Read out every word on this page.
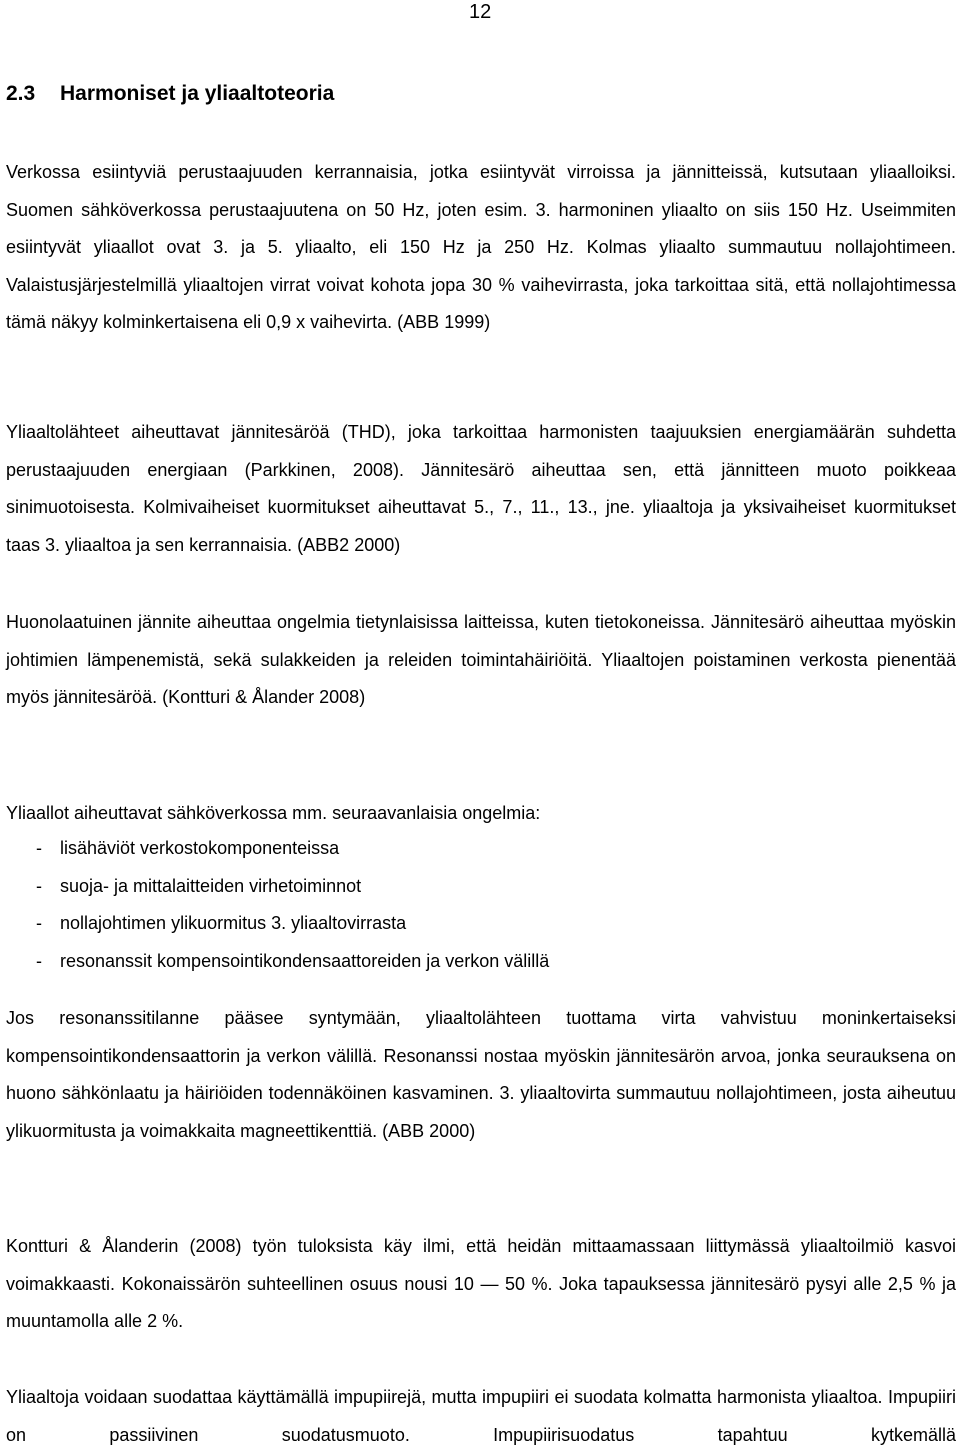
12
2.3 Harmoniset ja yliaaltoteoria

Verkossa esiintyviä perustaajuuden kerrannaisia, jotka esiintyvät virroissa ja jännitteissä, kutsutaan yliaalloiksi. Suomen sähköverkossa perustaajuutena on 50 Hz, joten esim. 3. harmoninen yliaalto on siis 150 Hz. Useimmiten esiintyvät yliaallot ovat 3. ja 5. yliaalto, eli 150 Hz ja 250 Hz. Kolmas yliaalto summautuu nollajohtimeen. Valaistusjärjestelmillä yliaaltojen virrat voivat kohota jopa 30 % vaihevirrasta, joka tarkoittaa sitä, että nollajohtimessa tämä näkyy kolminkertaisena eli 0,9 x vaihevirta. (ABB 1999)

Yliaaltolähteet aiheuttavat jännitesäröä (THD), joka tarkoittaa harmonisten taajuuksien energiamäärän suhdetta perustaajuuden energiaan (Parkkinen, 2008). Jännitesärö aiheuttaa sen, että jännitteen muoto poikkeaa sinimuotoisesta. Kolmivaiheiset kuormitukset aiheuttavat 5., 7., 11., 13., jne. yliaaltoja ja yksivaiheiset kuormitukset taas 3. yliaaltoa ja sen kerrannaisia. (ABB2 2000)

Huonolaatuinen jännite aiheuttaa ongelmia tietynlaisissa laitteissa, kuten tietokoneissa. Jännitesärö aiheuttaa myöskin johtimien lämpenemistä, sekä sulakkeiden ja releiden toimintahäiriöitä. Yliaaltojen poistaminen verkosta pienentää myös jännitesäröä. (Kontturi & Ålander 2008)

Yliaallot aiheuttavat sähköverkossa mm. seuraavanlaisia ongelmia:

- lisähäviöt verkostokomponenteissa
- suoja- ja mittalaitteiden virhetoiminnot
- nollajohtimen ylikuormitus 3. yliaaltovirrasta
- resonanssit kompensointikondensaattoreiden ja verkon välillä

Jos resonanssitilanne pääsee syntymään, yliaaltolähteen tuottama virta vahvistuu moninkertaiseksi kompensointikondensaattorin ja verkon välillä. Resonanssi nostaa myöskin jännitesärön arvoa, jonka seurauksena on huono sähkönlaatu ja häiriöiden todennäköinen kasvaminen. 3. yliaaltovirta summautuu nollajohtimeen, josta aiheutuu ylikuormitusta ja voimakkaita magneettikenttiä. (ABB 2000)

Kontturi & Ålanderin (2008) työn tuloksista käy ilmi, että heidän mittaamassaan liittymässä yliaaltoilmiö kasvoi voimakkaasti. Kokonaissärön suhteellinen osuus nousi 10 — 50 %. Joka tapauksessa jännitesärö pysyi alle 2,5 % ja muuntamolla alle 2 %.

Yliaaltoja voidaan suodattaa käyttämällä impupiirejä, mutta impupiiri ei suodata kolmatta harmonista yliaaltoa. Impupiiri on passiivinen suodatusmuoto. Impupiirisuodatus tapahtuu kytkemällä
